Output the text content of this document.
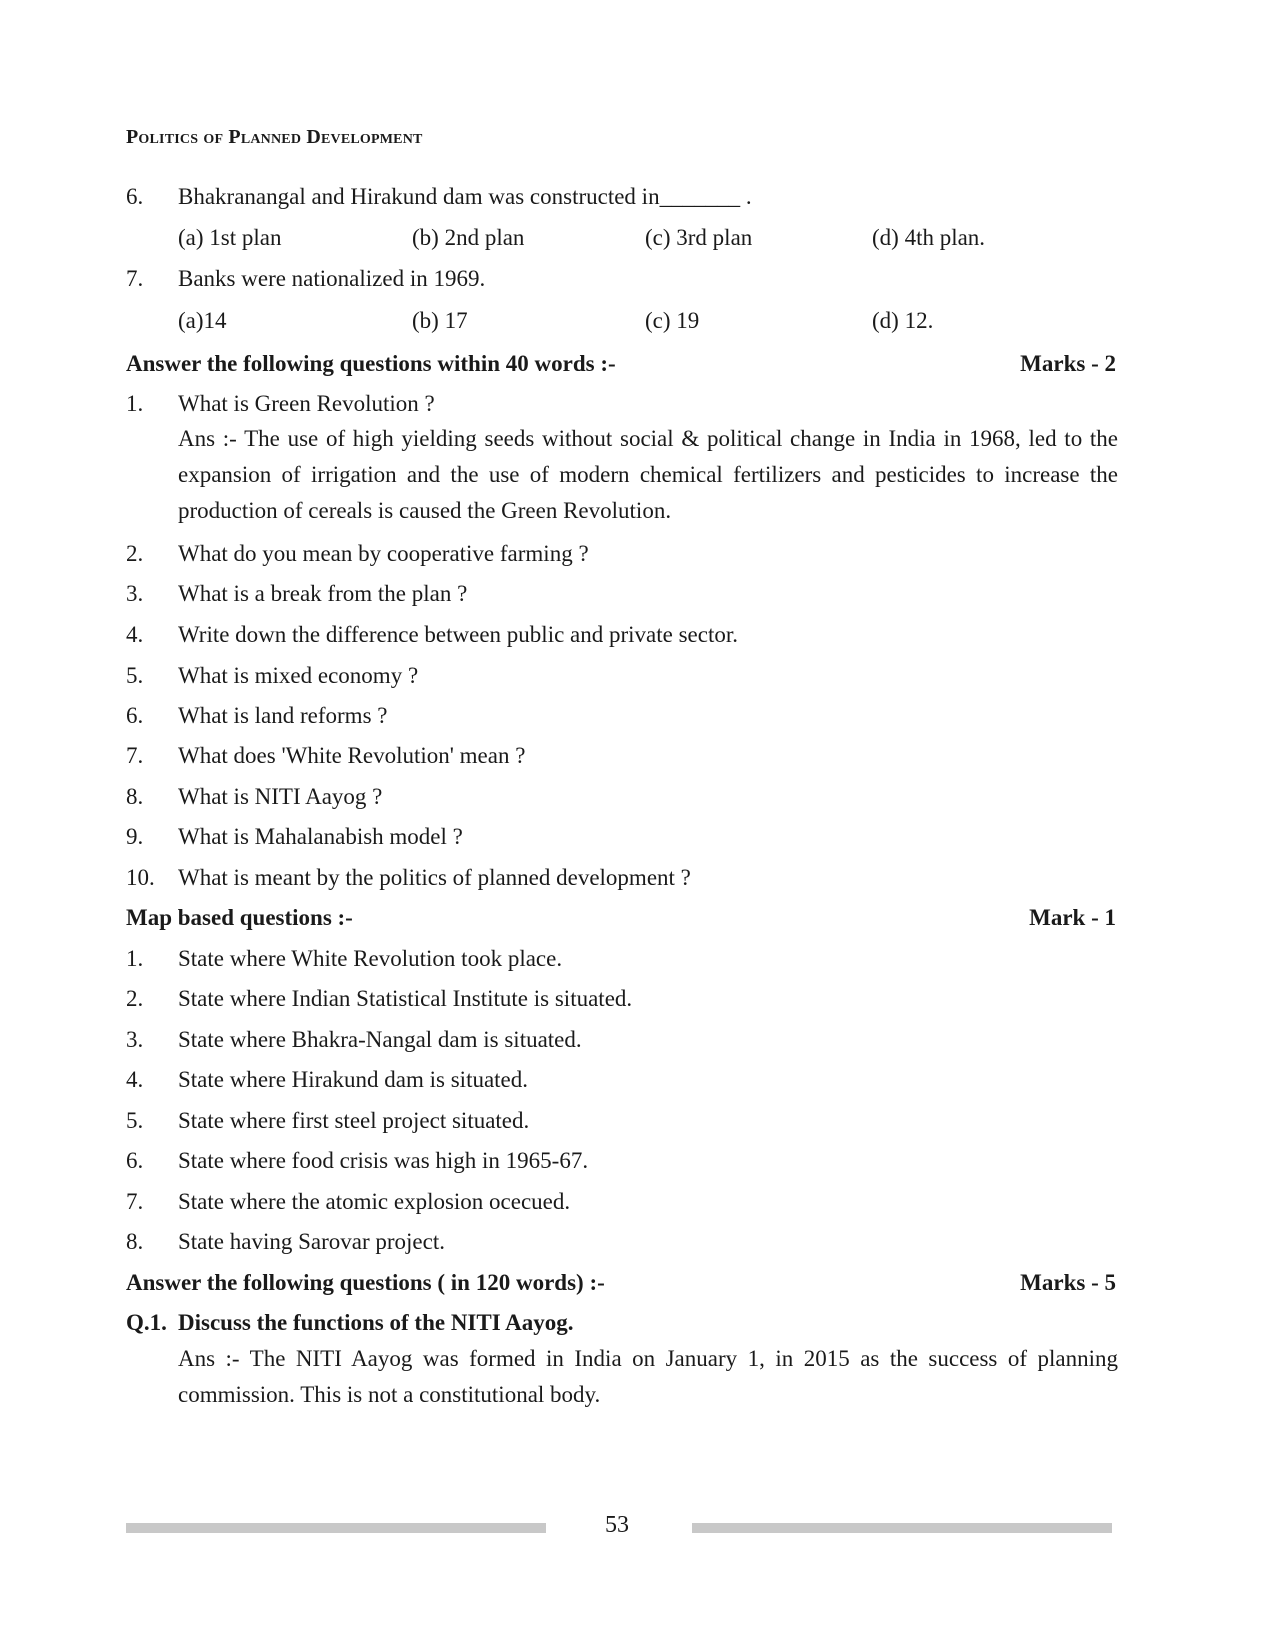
Politics of Planned Development
6. Bhakranangal and Hirakund dam was constructed in_______ .
(a) 1st plan	(b) 2nd plan	(c) 3rd plan	(d) 4th plan.
7. Banks were nationalized in 1969.
(a)14	(b) 17	(c) 19	(d) 12.
Answer the following questions within 40 words :-	Marks - 2
1. What is Green Revolution ?
Ans :- The use of high yielding seeds without social & political change in India in 1968, led to the expansion of irrigation and the use of modern chemical fertilizers and pesticides to increase the production of cereals is caused the Green Revolution.
2. What do you mean by cooperative farming ?
3. What is a break from the plan ?
4. Write down the difference between public and private sector.
5. What is mixed economy ?
6. What is land reforms ?
7. What does 'White Revolution' mean ?
8. What is NITI Aayog ?
9. What is Mahalanabish model ?
10. What is meant by the politics of planned development ?
Map based questions :-	Mark - 1
1. State where White Revolution took place.
2. State where Indian Statistical Institute is situated.
3. State where Bhakra-Nangal dam is situated.
4. State where Hirakund dam is situated.
5. State where first steel project situated.
6. State where food crisis was high in 1965-67.
7. State where the atomic explosion ocecued.
8. State having Sarovar project.
Answer the following questions ( in 120 words) :-	Marks - 5
Q.1. Discuss the functions of the NITI Aayog.
Ans :- The NITI Aayog was formed in India on January 1, in 2015 as the success of planning commission. This is not a constitutional body.
53
